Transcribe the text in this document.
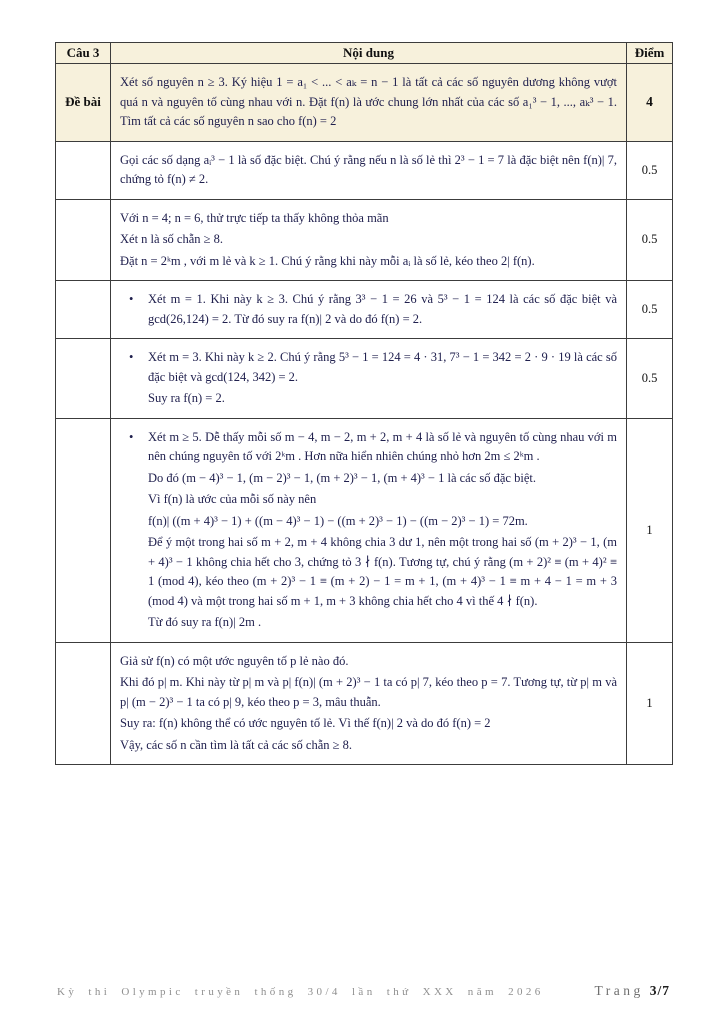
Câu 3	Nội dung	Điểm
Đề bài	Xét số nguyên n ≥ 3. Ký hiệu 1 = a₁ < ... < aₖ = n − 1 là tất cả các số nguyên dương không vượt quá n và nguyên tố cùng nhau với n. Đặt f(n) là ước chung lớn nhất của các số a₁³ − 1, ..., aₖ³ − 1. Tìm tất cả các số nguyên n sao cho f(n) = 2	4

	Gọi các số dạng aᵢ³ − 1 là số đặc biệt. Chú ý rằng nếu n là số lẻ thì 2³ − 1 = 7 là đặc biệt nên f(n)| 7, chứng tỏ f(n) ≠ 2.	0.5

	Với n = 4; n = 6, thử trực tiếp ta thấy không thỏa mãn
Xét n là số chẵn ≥ 8.
Đặt n = 2ᵏm , với m lẻ và k ≥ 1. Chú ý rằng khi này mỗi aᵢ là số lẻ, kéo theo 2| f(n).	0.5

	• Xét m = 1. Khi này k ≥ 3. Chú ý rằng 3³ − 1 = 26 và 5³ − 1 = 124 là các số đặc biệt và gcd(26,124) = 2. Từ đó suy ra f(n)| 2 và do đó f(n) = 2.	0.5

	• Xét m = 3. Khi này k ≥ 2. Chú ý rằng 5³ − 1 = 124 = 4 · 31, 7³ − 1 = 342 = 2 · 9 · 19 là các số đặc biệt và gcd(124, 342) = 2.
Suy ra f(n) = 2.	0.5

• Xét m ≥ 5. Dễ thấy mỗi số m − 4, m − 2, m + 2, m + 4 là số lẻ và nguyên tố cùng nhau với m nên chúng nguyên tố với 2ᵏm . Hơn nữa hiển nhiên chúng nhỏ hơn 2m ≤ 2ᵏm .
Do đó (m − 4)³ − 1, (m − 2)³ − 1, (m + 2)³ − 1, (m + 4)³ − 1 là các số đặc biệt.
Vì f(n) là ước của mỗi số này nên
f(n)| ((m + 4)³ − 1) + ((m − 4)³ − 1) − ((m + 2)³ − 1) − ((m − 2)³ − 1) = 72m.
Để ý một trong hai số m + 2, m + 4 không chia 3 dư 1, nên một trong hai số (m + 2)³ − 1, (m + 4)³ − 1 không chia hết cho 3, chứng tỏ 3 ∤ f(n). Tương tự, chú ý rằng (m + 2)² ≡ (m + 4)² ≡ 1 (mod 4), kéo theo (m + 2)³ − 1 ≡ (m + 2) − 1 = m + 1, (m + 4)³ − 1 ≡ m + 4 − 1 = m + 3 (mod 4) và một trong hai số m + 1, m + 3 không chia hết cho 4 vì thế 4 ∤ f(n).
Từ đó suy ra f(n)| 2m .
	1

	Giả sử f(n) có một ước nguyên tố p lẻ nào đó.
Khi đó p| m. Khi này từ p| m và p| f(n)| (m + 2)³ − 1 ta có p| 7, kéo theo p = 7. Tương tự, từ p| m và p| (m − 2)³ − 1 ta có p| 9, kéo theo p = 3, mâu thuẫn.
Suy ra: f(n) không thể có ước nguyên tố lẻ. Vì thế f(n)| 2 và do đó f(n) = 2
Vậy, các số n cần tìm là tất cả các số chẵn ≥ 8.	1
Kỳ thi Olympic truyền thống 30/4 lần thứ XXX năm 2026	Trang 3/7
